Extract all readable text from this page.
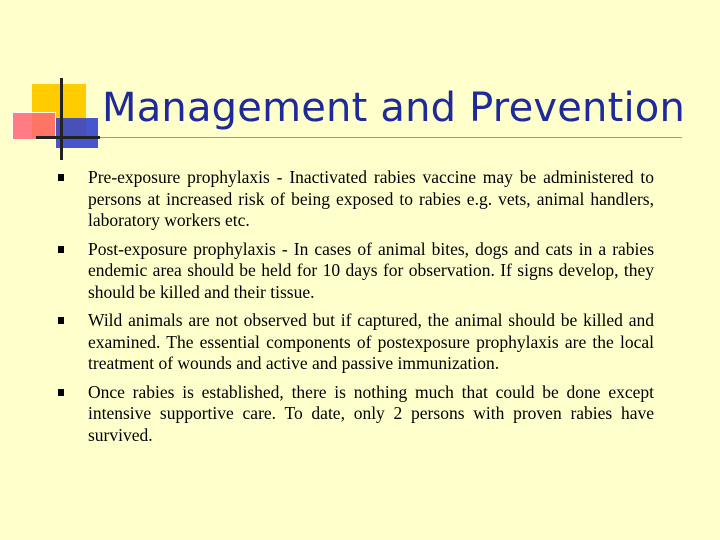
Management and Prevention
Pre-exposure prophylaxis - Inactivated rabies vaccine may be administered to persons at increased risk of being exposed to rabies e.g. vets, animal handlers, laboratory workers etc.
Post-exposure prophylaxis - In cases of animal bites, dogs and cats in a rabies endemic area should be held for 10 days for observation. If signs develop, they should be killed and their tissue.
Wild animals are not observed but if captured, the animal should be killed and examined. The essential components of postexposure prophylaxis are the local treatment of wounds and active and passive immunization.
Once rabies is established, there is nothing much that could be done except intensive supportive care. To date, only 2 persons with proven rabies have survived.
